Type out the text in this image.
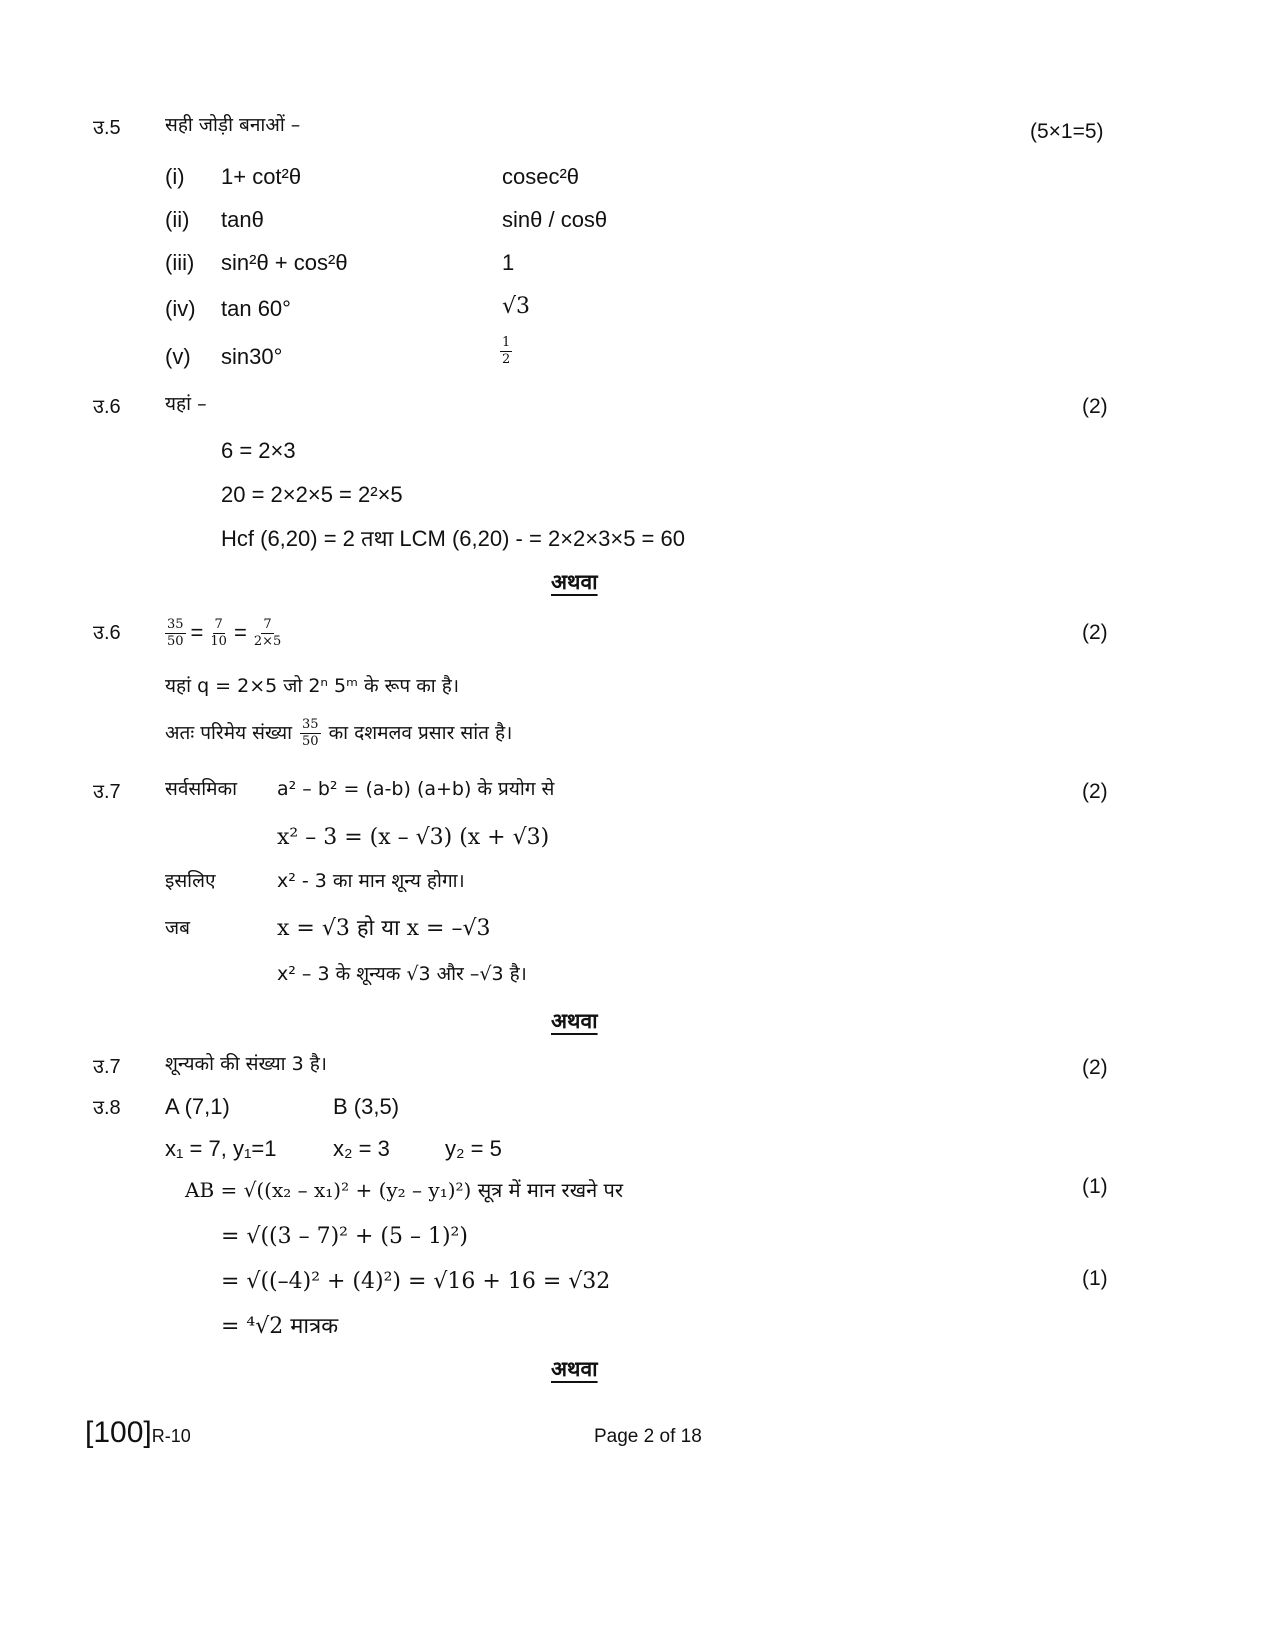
उ.5 सही जोड़ी बनाओं –	(5×1=5)
(i) 1+ cot²θ	cosec²θ
(ii) tanθ	sinθ / cosθ
(iii) sin²θ + cos²θ	1
(iv) tan 60°	√3
(v) sin30°	$\frac{1}{2}$
उ.6 यहां –	(2)
6 = 2×3
20 = 2×2×5 = 2²×5
Hcf (6,20) = 2 तथा LCM (6,20) - = 2×2×3×5 = 60
अथवा
उ.6	$\frac{35}{50} = \frac{7}{10} = \frac{7}{2\times 5}$	(2)
यहां q = 2×5 जो 2ⁿ 5ᵐ के रूप का है।
अतः परिमेय संख्या $\frac{35}{50}$ का दशमलव प्रसार सांत है।
उ.7 सर्वसमिका a² – b² = (a-b) (a+b) के प्रयोग से	(2)
x² – 3 = (x – √3) (x + √3)
इसलिए	x² - 3 का मान शून्य होगा।
जब	x = √3 हो या x = –√3
x² – 3 के शून्यक √3 और –√3 है।
अथवा
उ.7 शून्यको की संख्या 3 है।	(2)
उ.8 A (7,1)	B (3,5)
x₁ = 7, y₁=1	x₂ = 3	y₂ = 5
AB = √((x₂ – x₁)² + (y₂ – y₁)²) सूत्र में मान रखने पर	(1)
= √((3 – 7)² + (5 – 1)²)
= √((–4)² + (4)²) = √16 + 16 = √32	(1)
= ⁴√2 मात्रक
अथवा
[100]R-10	Page 2 of 18
